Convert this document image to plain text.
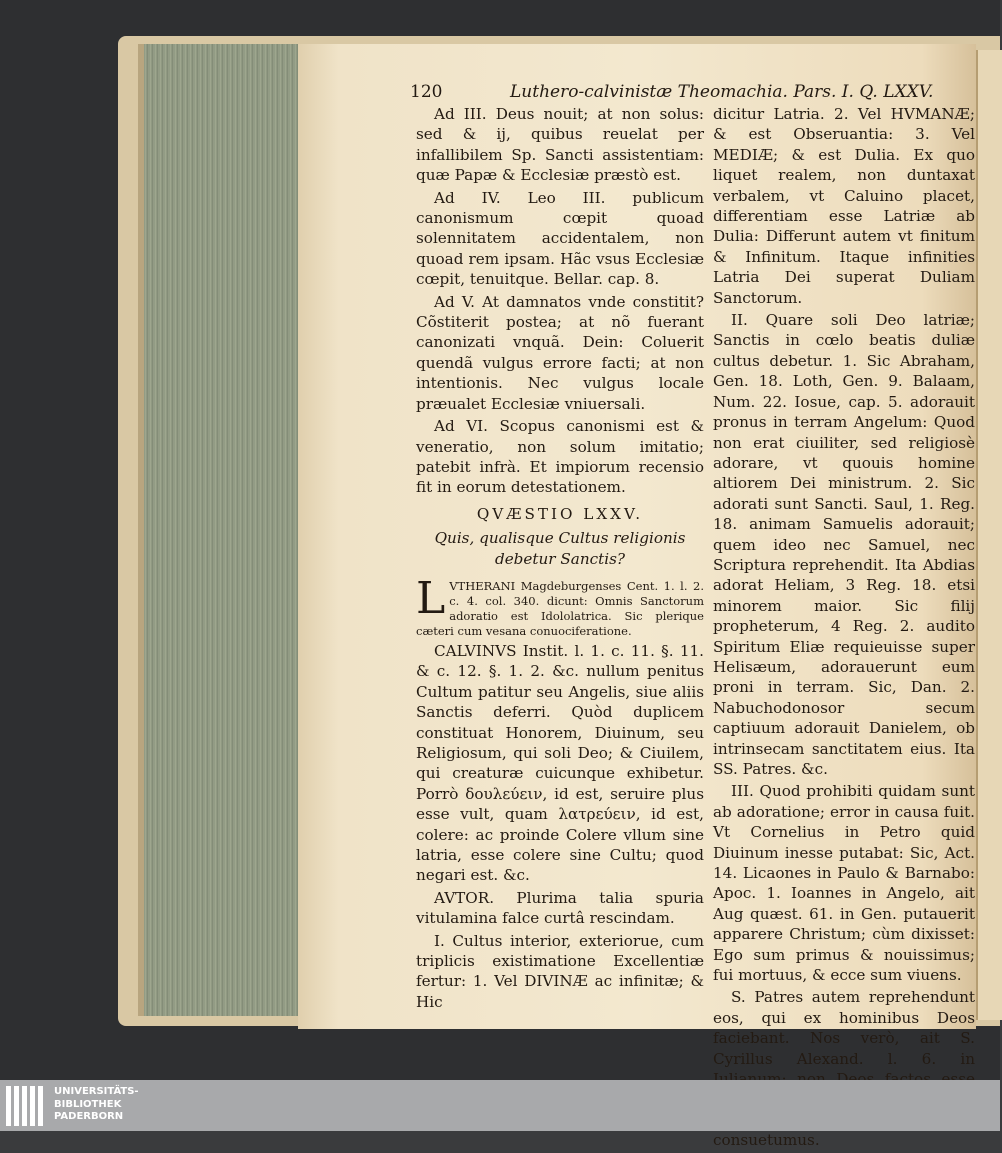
120	Luthero-calvinistæ Theomachia. Pars. I. Q. LXXV.

Ad III. Deus nouit; at non solus: sed & ij, quibus reuelat per infallibilem Sp. Sancti assistentiam: quæ Papæ & Ecclesiæ præstò est.

Ad IV. Leo III. publicum canonismum cœpit quoad solennitatem accidentalem, non quoad rem ipsam. Hãc vsus Ecclesiæ cœpit, tenuitque. Bellar. cap. 8.

Ad V. At damnatos vnde constitit? Cõstiterit postea; at nõ fuerant canonizati vnquã. Dein: Coluerit quendã vulgus errore facti; at non intentionis. Nec vulgus locale præualet Ecclesiæ vniuersali.

Ad VI. Scopus canonismi est & veneratio, non solum imitatio; patebit infrà. Et impiorum recensio fit in eorum detestationem.

QVÆSTIO LXXV.
Quis, qualisque Cultus religionis debetur Sanctis?

L VTHERANI Magdeburgenses Cent. 1. l. 2. c. 4. col. 340. dicunt: Omnis Sanctorum adoratio est Idololatrica. Sic plerique cæteri cum vesana conuociferatione.

CALVINVS Instit. l. 1. c. 11. §. 11. & c. 12. §. 1. 2. &c. nullum penitus Cultum patitur seu Angelis, siue aliis Sanctis deferri. Quòd duplicem constituat Honorem, Diuinum, seu Religiosum, qui soli Deo; & Ciuilem, qui creaturæ cuicunque exhibetur. Porrò δουλεύειν, id est, seruire plus esse vult, quam λατρεύειν, id est, colere: ac proinde Colere vllum sine latria, esse colere sine Cultu; quod negari est. &c.

AVTOR. Plurima talia spuria vitulamina falce curtâ rescindam.

I. Cultus interior, exteriorue, cum triplicis existimatione Excellentiæ fertur: 1. Vel DIVINÆ ac infinitæ; & Hic

dicitur Latria. 2. Vel HVMANÆ; & est Obseruantia: 3. Vel MEDIÆ; & est Dulia. Ex quo liquet realem, non duntaxat verbalem, vt Caluino placet, differentiam esse Latriæ ab Dulia: Differunt autem vt finitum & Infinitum. Itaque infinities Latria Dei superat Duliam Sanctorum.

II. Quare soli Deo latriæ; Sanctis in cœlo beatis duliæ cultus debetur. 1. Sic Abraham, Gen. 18. Loth, Gen. 9. Balaam, Num. 22. Iosue, cap. 5. adorauit pronus in terram Angelum: Quod non erat ciuiliter, sed religiosè adorare, vt quouis homine altiorem Dei ministrum. 2. Sic adorati sunt Sancti. Saul, 1. Reg. 18. animam Samuelis adorauit; quem ideo nec Samuel, nec Scriptura reprehendit. Ita Abdias adorat Heliam, 3 Reg. 18. etsi minorem maior. Sic filij propheterum, 4 Reg. 2. audito Spiritum Eliæ requieuisse super Helisæum, adorauerunt eum proni in terram. Sic, Dan. 2. Nabuchodonosor secum captiuum adorauit Danielem, ob intrinsecam sanctitatem eius. Ita SS. Patres. &c.

III. Quod prohibiti quidam sunt ab adoratione; error in causa fuit. Vt Cornelius in Petro quid Diuinum inesse putabat: Sic, Act. 14. Licaones in Paulo & Barnabo: Apoc. 1. Ioannes in Angelo, ait Aug quæst. 61. in Gen. putauerit apparere Christum; cùm dixisset: Ego sum primus & nouissimus; fui mortuus, & ecce sum viuens.

S. Patres autem reprehendunt eos, qui ex hominibus Deos faciebant. Nos verò, ait S. Cyrillus Alexand. l. 6. in consuetumus.

UNIVERSITÄTS-
BIBLIOTHEK
PADERBORN
